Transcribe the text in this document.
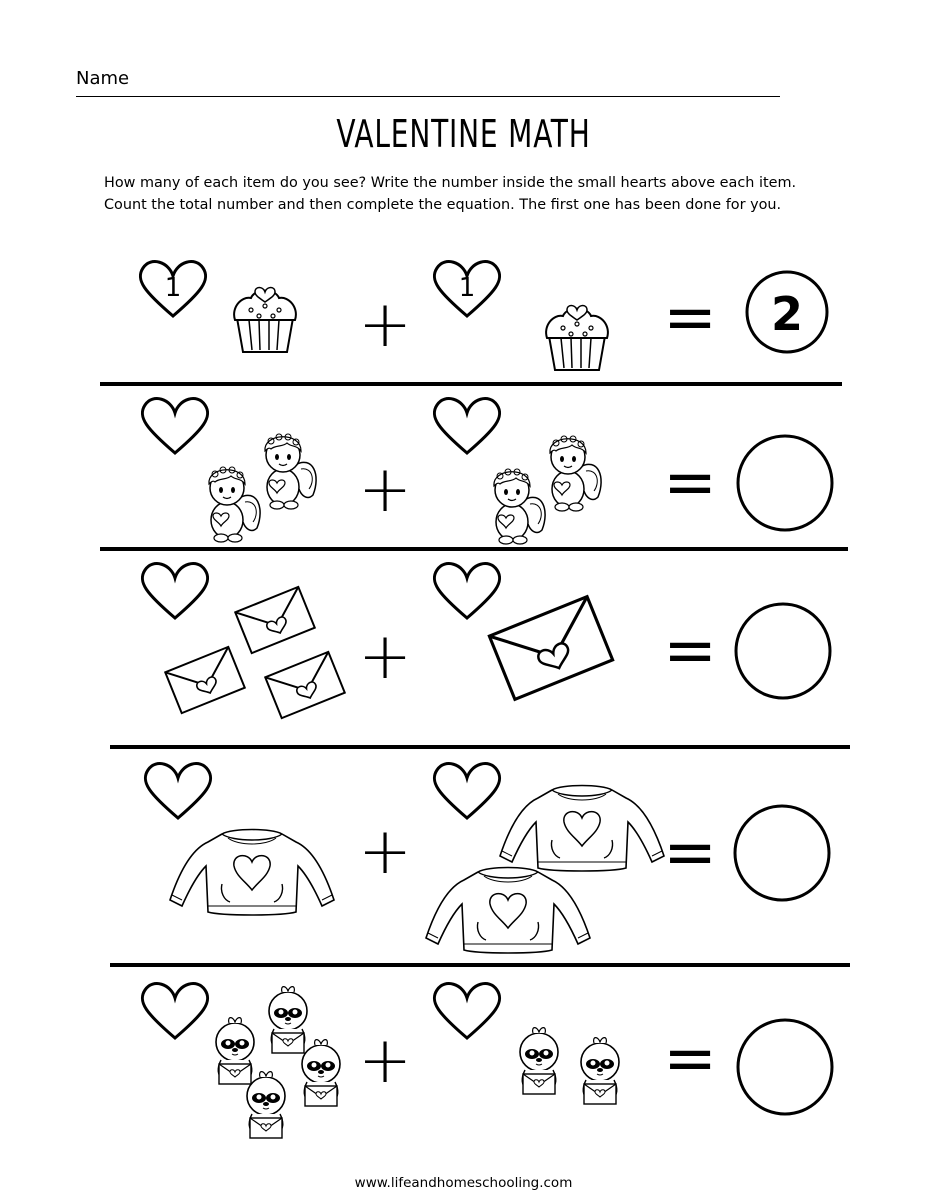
Name
VALENTINE MATH
How many of each item do you see? Write the number inside the small hearts above each item.
Count the total number and then complete the equation. The first one has been done for you.
1	+ 1	= 2
+	=
+	=
+	=
+	=
www.lifeandhomeschooling.com
